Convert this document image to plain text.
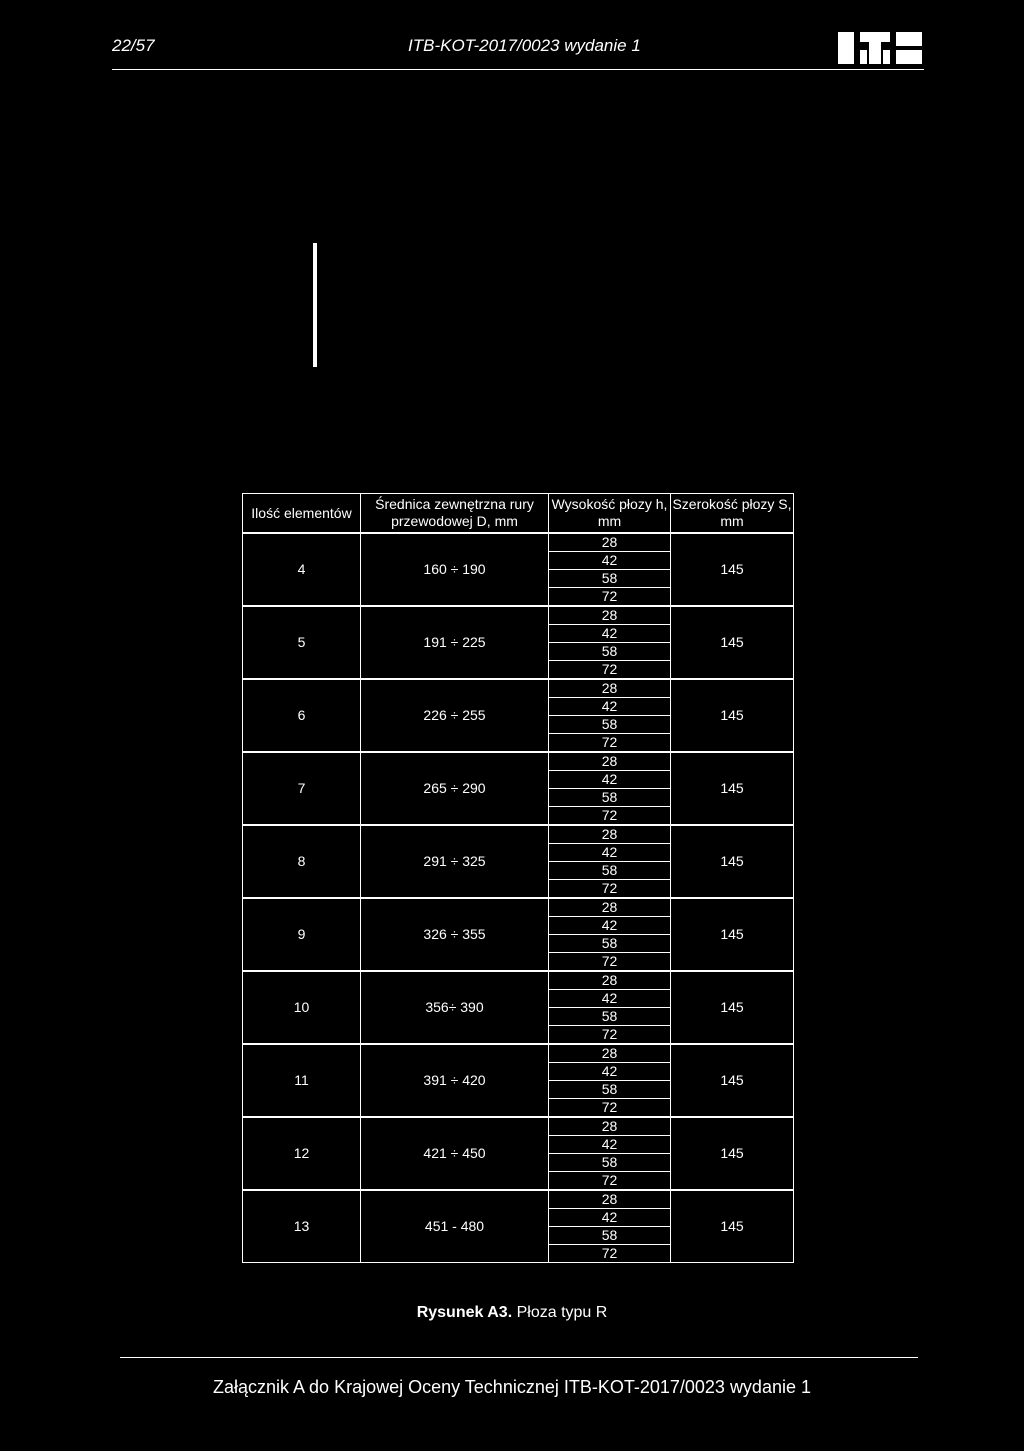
22/57	ITB-KOT-2017/0023 wydanie 1
Ilość elementów	Średnica zewnętrzna rury przewodowej D, mm	Wysokość płozy h, mm	Szerokość płozy S, mm
4	160 ÷ 190	28	145
		42	
		58	
		72	
5	191 ÷ 225	28	145
		42	
		58	
		72	
6	226 ÷ 255	28	145
		42	
		58	
		72	
7	265 ÷ 290	28	145
		42	
		58	
		72	
8	291 ÷ 325	28	145
		42	
		58	
		72	
9	326 ÷ 355	28	145
		42	
		58	
		72	
10	356÷ 390	28	145
		42	
		58	
		72	
11	391 ÷ 420	28	145
		42	
		58	
		72	
12	421 ÷ 450	28	145
		42	
		58	
		72	
13	451 - 480	28	145
		42	
		58	
		72	
Rysunek A3. Płoza typu R
Załącznik A do Krajowej Oceny Technicznej ITB-KOT-2017/0023 wydanie 1
